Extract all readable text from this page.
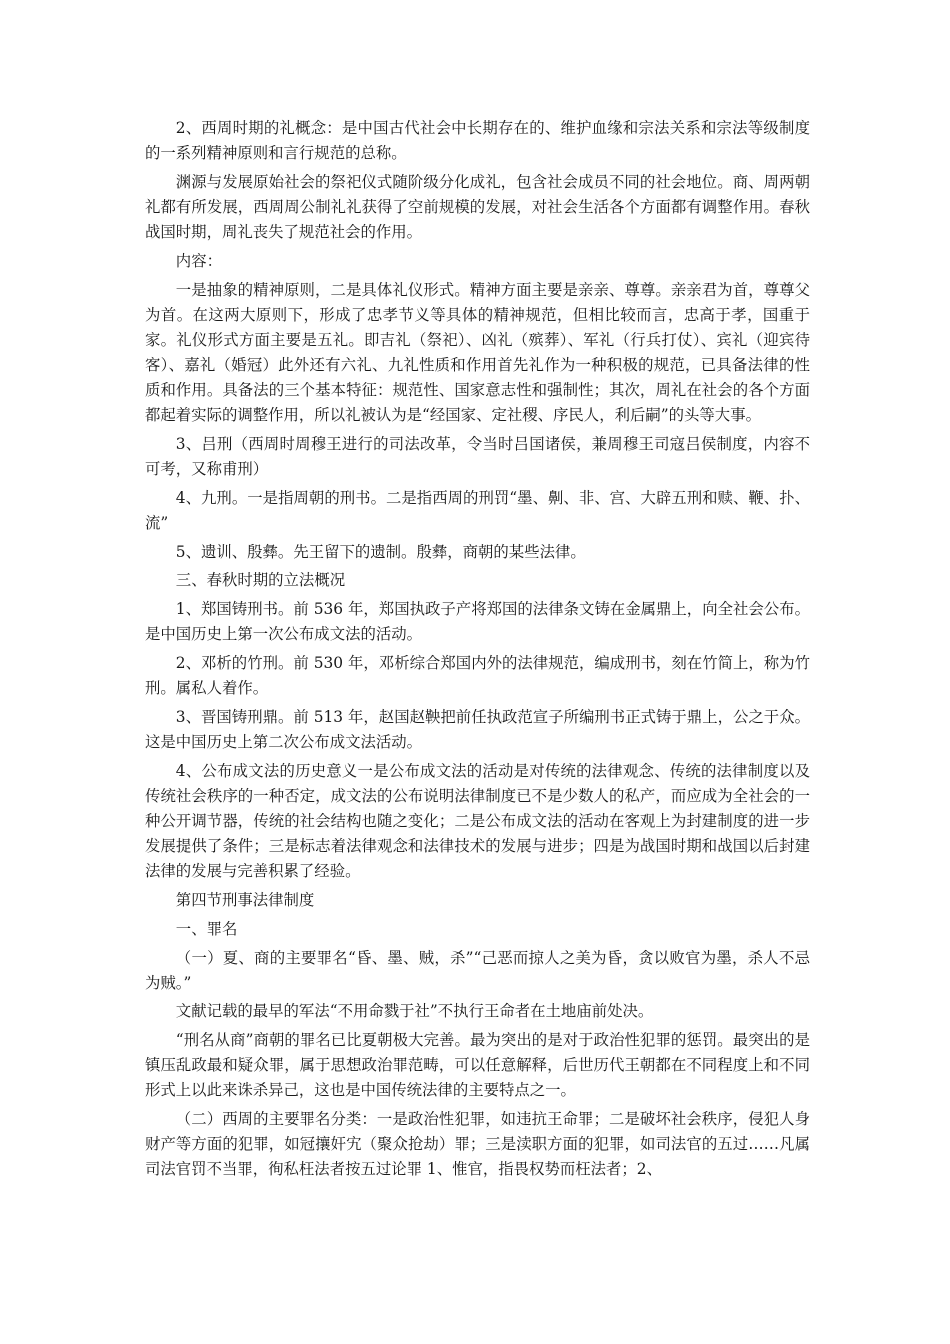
2、西周时期的礼概念：是中国古代社会中长期存在的、维护血缘和宗法关系和宗法等级制度的一系列精神原则和言行规范的总称。

渊源与发展原始社会的祭祀仪式随阶级分化成礼，包含社会成员不同的社会地位。商、周两朝礼都有所发展，西周周公制礼礼获得了空前规模的发展，对社会生活各个方面都有调整作用。春秋战国时期，周礼丧失了规范社会的作用。

内容：

一是抽象的精神原则，二是具体礼仪形式。精神方面主要是亲亲、尊尊。亲亲君为首，尊尊父为首。在这两大原则下，形成了忠孝节义等具体的精神规范，但相比较而言，忠高于孝，国重于家。礼仪形式方面主要是五礼。即吉礼（祭祀）、凶礼（殡葬）、军礼（行兵打仗）、宾礼（迎宾待客）、嘉礼（婚冠）此外还有六礼、九礼性质和作用首先礼作为一种积极的规范，已具备法律的性质和作用。具备法的三个基本特征：规范性、国家意志性和强制性；其次，周礼在社会的各个方面都起着实际的调整作用，所以礼被认为是“经国家、定社稷、序民人，利后嗣”的头等大事。

3、吕刑（西周时周穆王进行的司法改革，令当时吕国诸侯，兼周穆王司寇吕侯制度，内容不可考，又称甫刑）

4、九刑。一是指周朝的刑书。二是指西周的刑罚“墨、劓、非、宫、大辟五刑和赎、鞭、扑、流”

5、遗训、殷彝。先王留下的遗制。殷彝，商朝的某些法律。

三、春秋时期的立法概况

1、郑国铸刑书。前 536 年，郑国执政子产将郑国的法律条文铸在金属鼎上，向全社会公布。是中国历史上第一次公布成文法的活动。

2、邓析的竹刑。前 530 年，邓析综合郑国内外的法律规范，编成刑书，刻在竹简上，称为竹刑。属私人着作。

3、晋国铸刑鼎。前 513 年，赵国赵鞅把前任执政范宣子所编刑书正式铸于鼎上，公之于众。这是中国历史上第二次公布成文法活动。

4、公布成文法的历史意义一是公布成文法的活动是对传统的法律观念、传统的法律制度以及传统社会秩序的一种否定，成文法的公布说明法律制度已不是少数人的私产，而应成为全社会的一种公开调节器，传统的社会结构也随之变化；二是公布成文法的活动在客观上为封建制度的进一步发展提供了条件；三是标志着法律观念和法律技术的发展与进步；四是为战国时期和战国以后封建法律的发展与完善积累了经验。

第四节刑事法律制度

一、罪名

（一）夏、商的主要罪名“昏、墨、贼，杀”“己恶而掠人之美为昏，贪以败官为墨，杀人不忌为贼。”

文献记载的最早的军法“不用命戮于社”不执行王命者在土地庙前处决。

“刑名从商”商朝的罪名已比夏朝极大完善。最为突出的是对于政治性犯罪的惩罚。最突出的是镇压乱政最和疑众罪，属于思想政治罪范畴，可以任意解释，后世历代王朝都在不同程度上和不同形式上以此来诛杀异己，这也是中国传统法律的主要特点之一。

（二）西周的主要罪名分类：一是政治性犯罪，如违抗王命罪；二是破坏社会秩序，侵犯人身财产等方面的犯罪，如冠攘奸宄（聚众抢劫）罪；三是渎职方面的犯罪，如司法官的五过……凡属司法官罚不当罪，徇私枉法者按五过论罪 1、惟官，指畏权势而枉法者；2、
